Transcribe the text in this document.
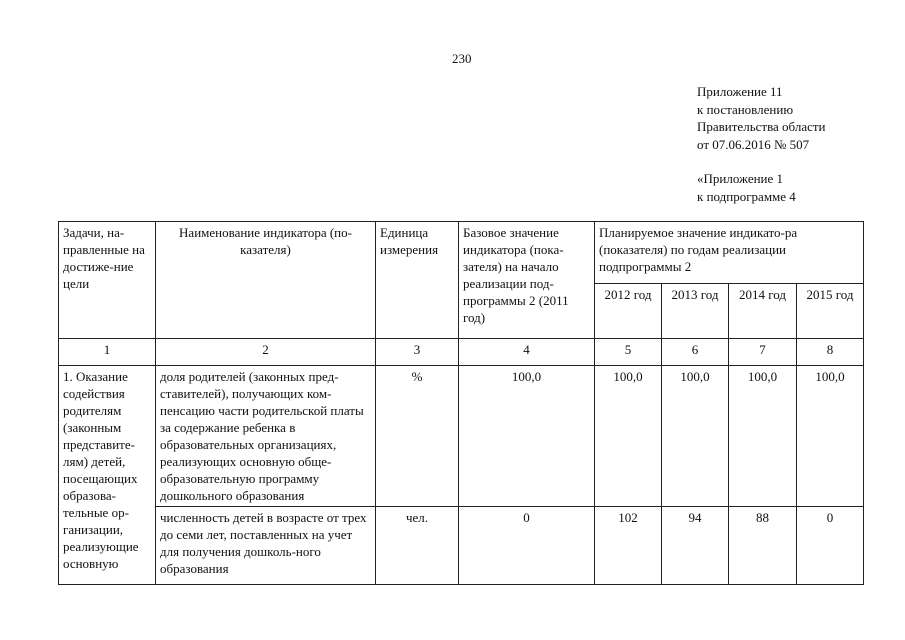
230
Приложение 11
к постановлению
Правительства области
от 07.06.2016 № 507
«Приложение 1
к подпрограмме 4
Задачи, на-правленные на достиже-ние цели	Наименование индикатора (по-казателя)	Единица измерения	Базовое значение индикатора (пока-зателя) на начало реализации под-программы 2 (2011 год)	Планируемое значение индикато-ра (показателя) по годам реализации подпрограммы 2			
				2012 год	2013 год	2014 год	2015 год
1	2	3	4	5	6	7	8
1. Оказание содействия родителям (законным представите-лям) детей, посещающих образова-тельные ор-ганизации, реализующие основную	доля родителей (законных пред-ставителей), получающих ком-пенсацию части родительской платы за содержание ребенка в образовательных организациях, реализующих основную обще-образовательную программу дошкольного образования	%	100,0	100,0	100,0	100,0	100,0
	численность детей в возрасте от трех до семи лет, поставленных на учет для получения дошколь-ного образования	чел.	0	102	94	88	0
